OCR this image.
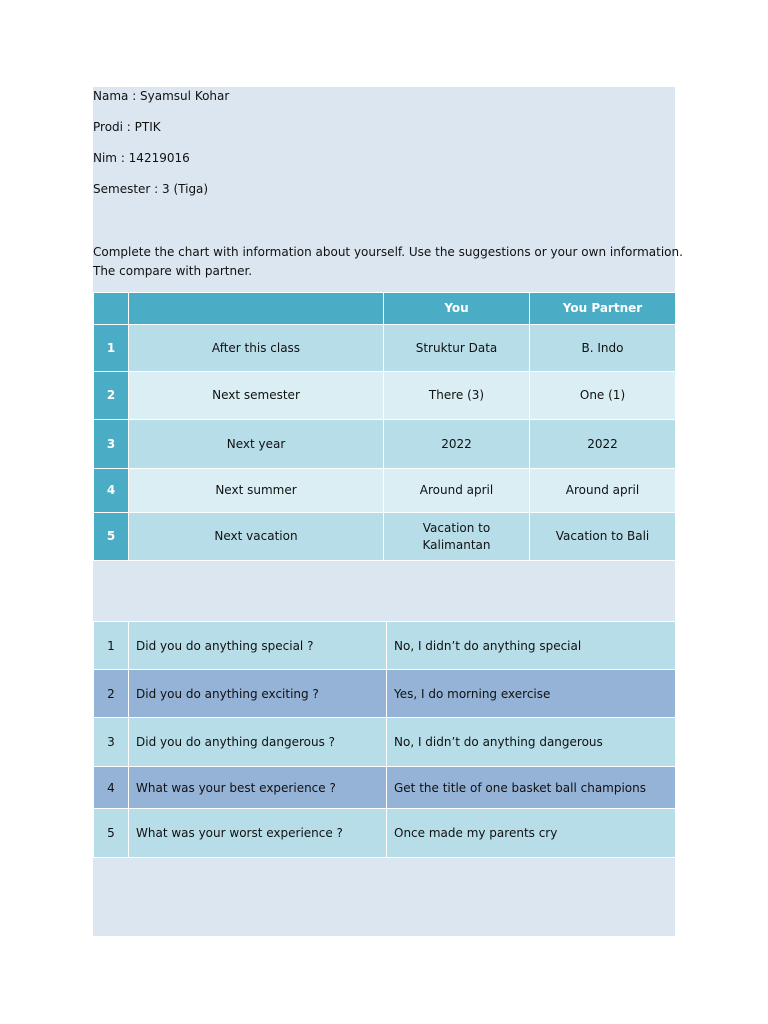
Nama : Syamsul Kohar
Prodi : PTIK
Nim : 14219016
Semester : 3 (Tiga)
Complete the chart with information about yourself. Use the suggestions or your own information. The compare with partner.
		You	You Partner
1	After this class	Struktur Data	B. Indo
2	Next semester	There (3)	One (1)
3	Next year	2022	2022
4	Next summer	Around april	Around april
5	Next vacation	Vacation to Kalimantan	Vacation to Bali
1	Did you do anything special ?	No, I didn’t do anything special
2	Did you do anything exciting ?	Yes, I do morning exercise
3	Did you do anything dangerous ?	No, I didn’t do anything dangerous
4	What was your best experience ?	Get the title of one basket ball champions
5	What was your worst experience ?	Once made my parents cry
